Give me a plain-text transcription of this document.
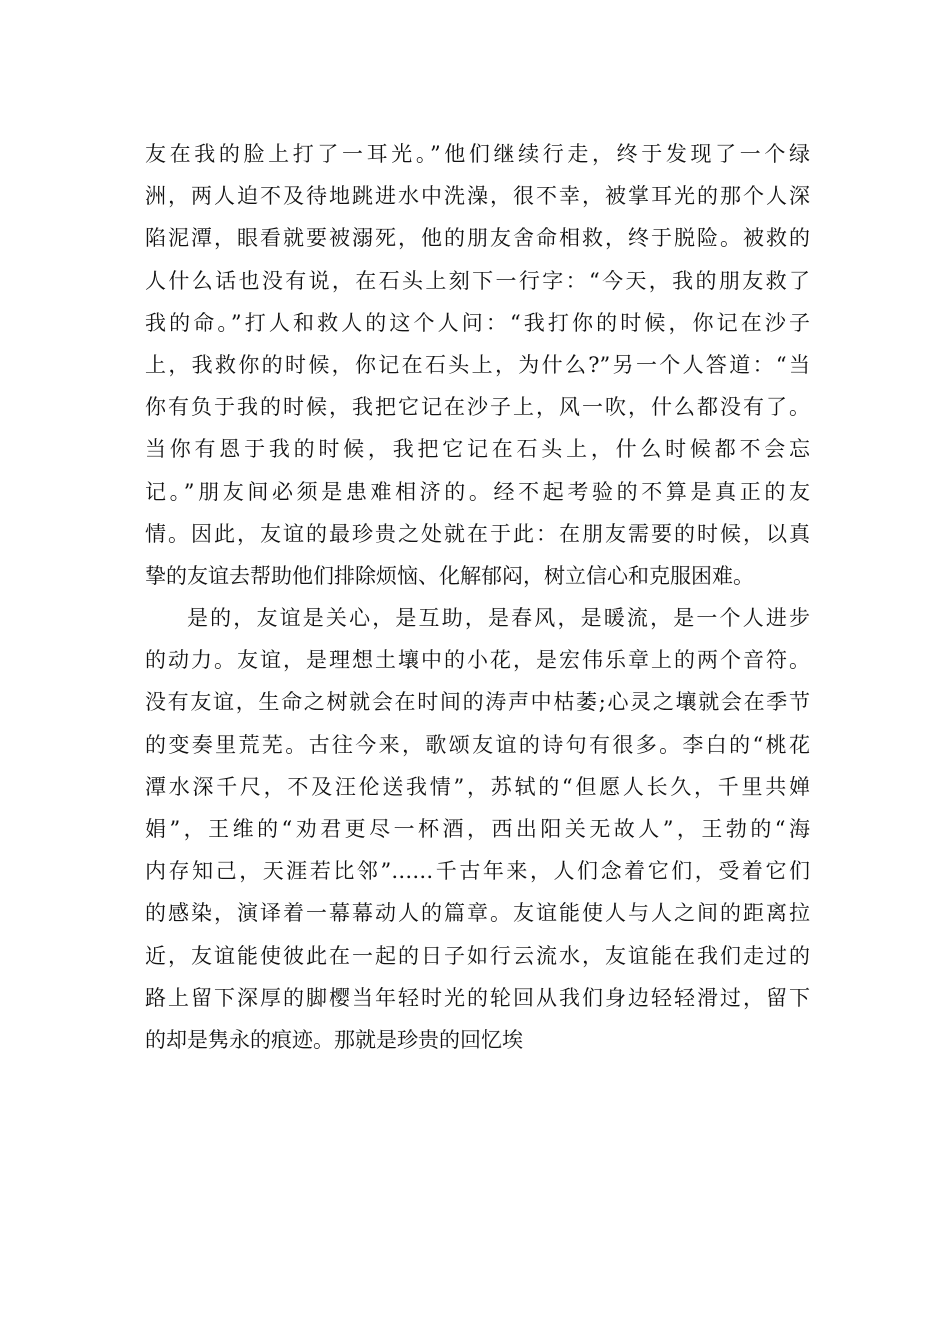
友在我的脸上打了一耳光。”他们继续行走，终于发现了一个绿
洲，两人迫不及待地跳进水中洗澡，很不幸，被掌耳光的那个人深
陷泥潭，眼看就要被溺死，他的朋友舍命相救，终于脱险。被救的
人什么话也没有说，在石头上刻下一行字：“今天，我的朋友救了
我的命。”打人和救人的这个人问：“我打你的时候，你记在沙子
上，我救你的时候，你记在石头上，为什么?”另一个人答道：“当
你有负于我的时候，我把它记在沙子上，风一吹，什么都没有了。
当你有恩于我的时候，我把它记在石头上，什么时候都不会忘
记。”朋友间必须是患难相济的。经不起考验的不算是真正的友
情。因此，友谊的最珍贵之处就在于此：在朋友需要的时候，以真
挚的友谊去帮助他们排除烦恼、化解郁闷，树立信心和克服困难。
是的，友谊是关心，是互助，是春风，是暖流，是一个人进步
的动力。友谊，是理想土壤中的小花，是宏伟乐章上的两个音符。
没有友谊，生命之树就会在时间的涛声中枯萎;心灵之壤就会在季节
的变奏里荒芜。古往今来，歌颂友谊的诗句有很多。李白的“桃花
潭水深千尺，不及汪伦送我情”，苏轼的“但愿人长久，千里共婵
娟”，王维的“劝君更尽一杯酒，西出阳关无故人”，王勃的“海
内存知己，天涯若比邻”……千古年来，人们念着它们，受着它们
的感染，演译着一幕幕动人的篇章。友谊能使人与人之间的距离拉
近，友谊能使彼此在一起的日子如行云流水，友谊能在我们走过的
路上留下深厚的脚樱当年轻时光的轮回从我们身边轻轻滑过，留下
的却是隽永的痕迹。那就是珍贵的回忆埃
